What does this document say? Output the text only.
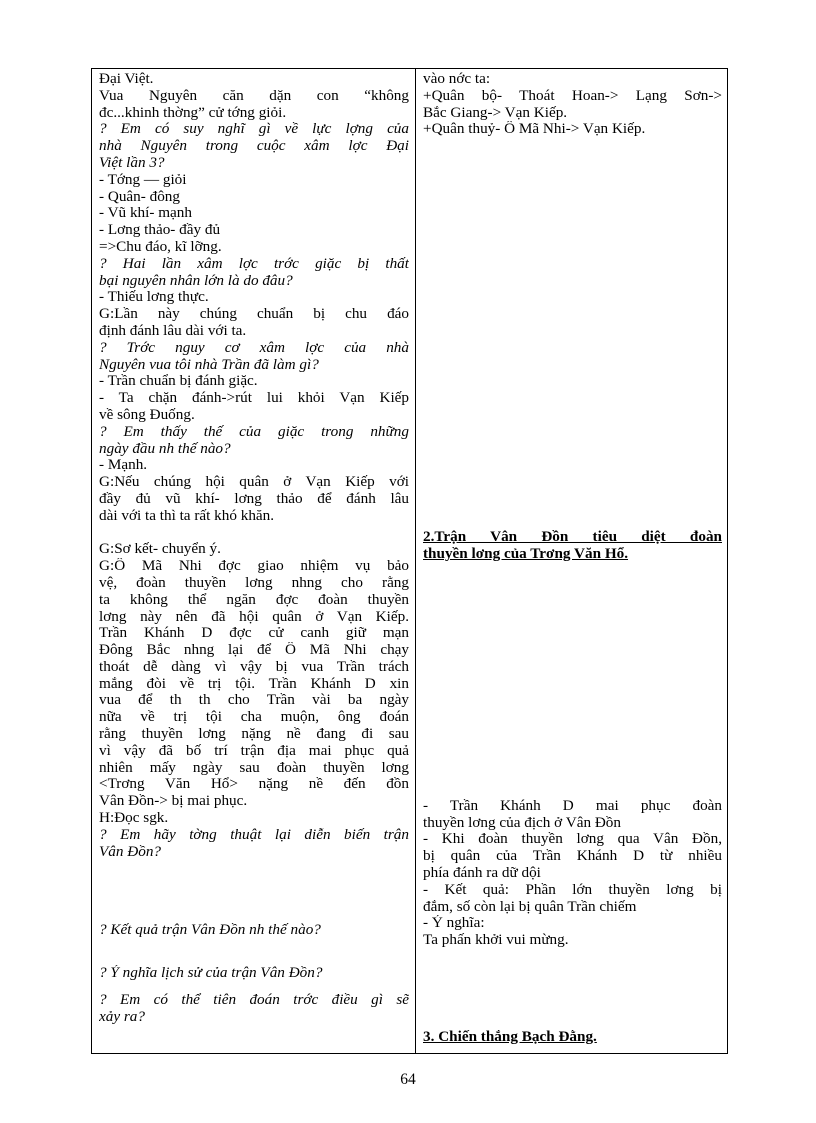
Đại Việt.
Vua Nguyên căn dặn con “không
đc...khinh thờng” cử tớng giỏi.
? Em có suy nghĩ gì về lực lợng của
nhà Nguyên trong cuộc xâm lợc Đại
Việt lần 3?
- Tớng — giỏi
- Quân- đông
- Vũ khí- mạnh
- Lơng thảo- đầy đủ
=>Chu đáo, kĩ lỡng.
? Hai lần xâm lợc trớc giặc bị thất
bại nguyên nhân lớn là do đâu?
- Thiếu lơng thực.
G:Lần này chúng chuẩn bị chu đáo
định đánh lâu dài với ta.
? Trớc nguy cơ xâm lợc của nhà
Nguyên vua tôi nhà Trần đã làm gì?
- Trần chuẩn bị đánh giặc.
- Ta chặn đánh->rút lui khỏi Vạn Kiếp
về sông Đuống.
? Em thấy thế của giặc trong những
ngày đầu nh thế nào?
- Mạnh.
G:Nếu chúng hội quân ở Vạn Kiếp với
đầy đủ vũ khí- lơng thảo để đánh lâu
dài với ta thì ta rất khó khăn.
G:Sơ kết- chuyển ý.
G:Ô Mã Nhi đợc giao nhiệm vụ bảo
vệ, đoàn thuyền lơng nhng cho rằng
ta không thể ngăn đợc đoàn thuyền
lơng này nên đã hội quân ở Vạn Kiếp.
Trần Khánh D đợc cử canh giữ mạn
Đông Bắc nhng lại để Ô Mã Nhi chạy
thoát dễ dàng vì vậy bị vua Trần trách
mắng đòi về trị tội. Trần Khánh D xin
vua để th th cho Trần vài ba ngày
nữa về trị tội cha muộn, ông đoán
rằng thuyền lơng nặng nề đang đi sau
vì vậy đã bố trí trận địa mai phục quả
nhiên mấy ngày sau đoàn thuyền lơng
<Trơng Văn Hổ> nặng nề đến đồn
Vân Đồn-> bị mai phục.
H:Đọc sgk.
? Em hãy tờng thuật lại diễn biến trận
Vân Đồn?
? Kết quả trận Vân Đồn nh thế nào?
? Ý nghĩa lịch sử của trận Vân Đồn?
? Em có thể tiên đoán trớc điều gì sẽ
xảy ra?
vào nớc ta:
+Quân bộ- Thoát Hoan-> Lạng Sơn->
Bắc Giang-> Vạn Kiếp.
+Quân thuỷ- Ô Mã Nhi-> Vạn Kiếp.
2.Trận Vân Đồn tiêu diệt đoàn
thuyền lơng của Trơng Văn Hổ.
- Trần Khánh D mai phục đoàn
thuyền lơng của địch ở Vân Đồn
- Khi đoàn thuyền lơng qua Vân Đồn,
bị quân của Trần Khánh D từ nhiều
phía đánh ra dữ dội
- Kết quả: Phần lớn thuyền lơng bị
đắm, số còn lại bị quân Trần chiếm
- Ý nghĩa:
Ta phấn khởi vui mừng.
3. Chiến thắng Bạch Đằng.
64
